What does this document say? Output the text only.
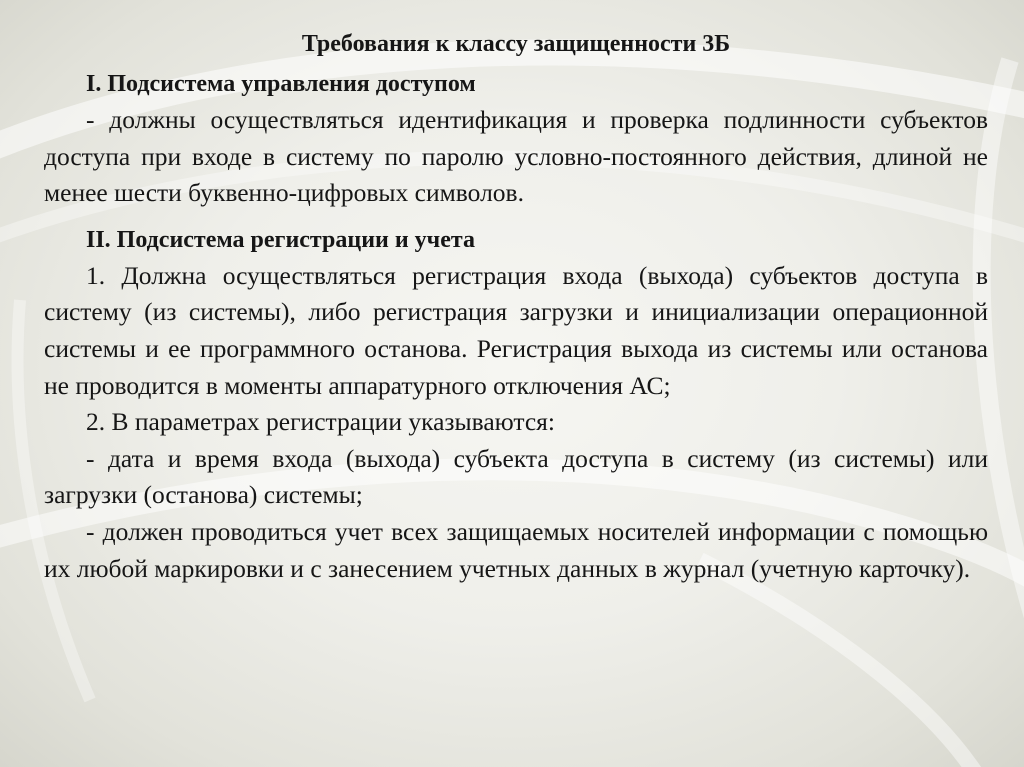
Требования к классу защищенности 3Б
I. Подсистема управления доступом
- должны осуществляться идентификация и проверка подлинности субъектов доступа при входе в систему по паролю условно-постоянного действия, длиной не менее шести буквенно-цифровых символов.
II. Подсистема регистрации и учета
1. Должна осуществляться регистрация входа (выхода) субъектов доступа в систему (из системы), либо регистрация загрузки и инициализации операционной системы и ее программного останова. Регистрация выхода из системы или останова не проводится в моменты аппаратурного отключения АС;
2. В параметрах регистрации указываются:
- дата и время входа (выхода) субъекта доступа в систему (из системы) или загрузки (останова) системы;
- должен проводиться учет всех защищаемых носителей информации с помощью их любой маркировки и с занесением учетных данных в журнал (учетную карточку).
